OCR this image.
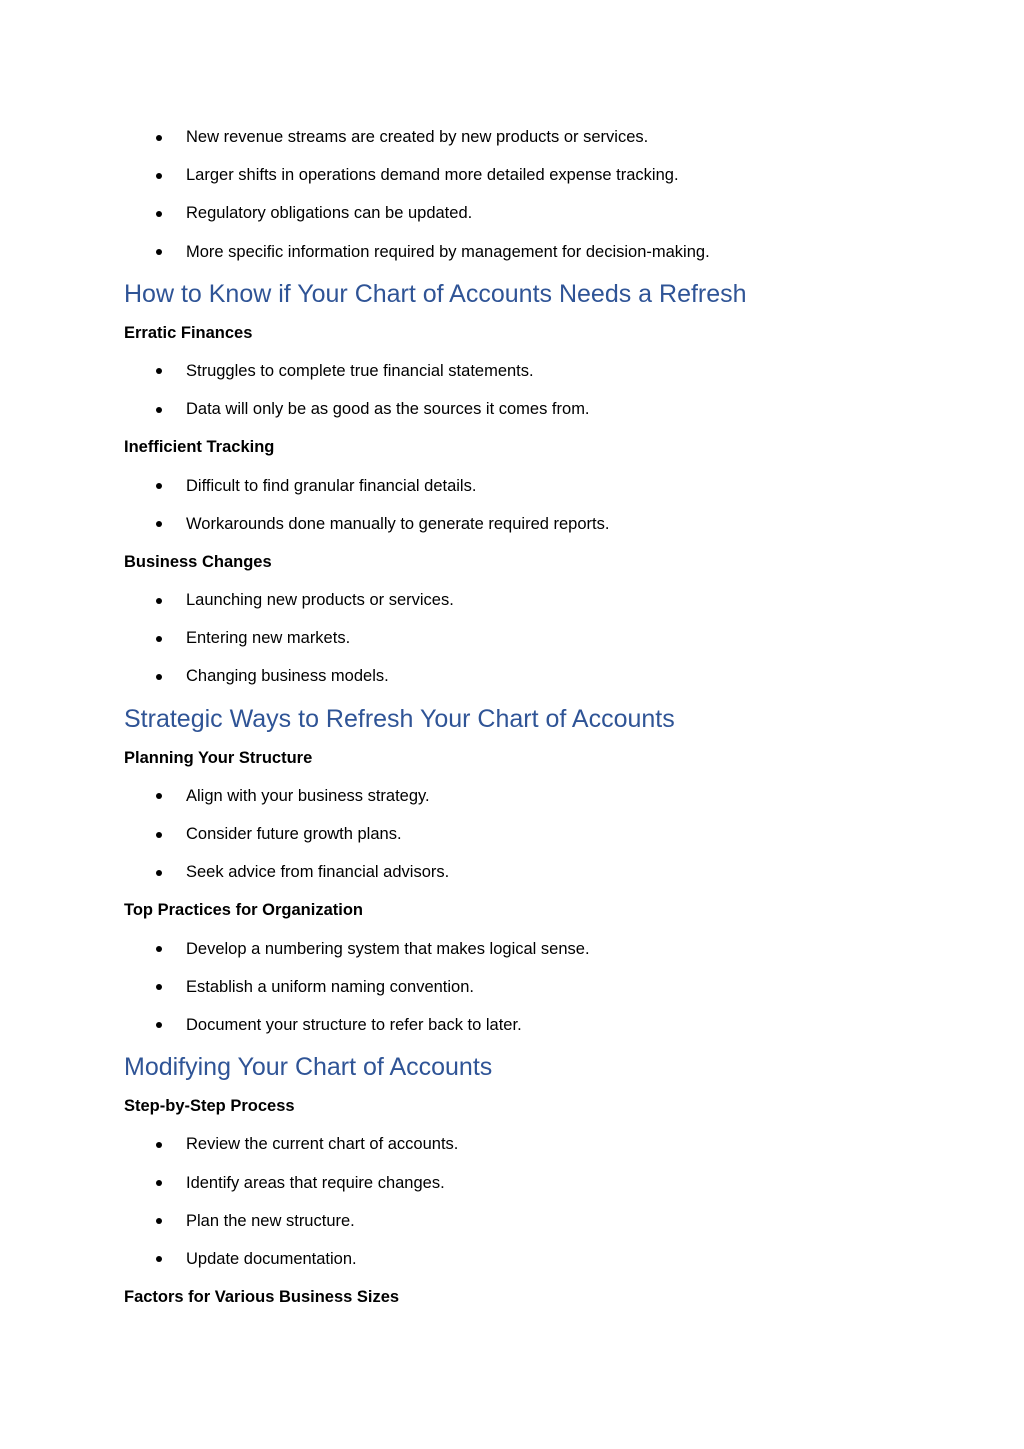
New revenue streams are created by new products or services.
Larger shifts in operations demand more detailed expense tracking.
Regulatory obligations can be updated.
More specific information required by management for decision-making.
How to Know if Your Chart of Accounts Needs a Refresh
Erratic Finances
Struggles to complete true financial statements.
Data will only be as good as the sources it comes from.
Inefficient Tracking
Difficult to find granular financial details.
Workarounds done manually to generate required reports.
Business Changes
Launching new products or services.
Entering new markets.
Changing business models.
Strategic Ways to Refresh Your Chart of Accounts
Planning Your Structure
Align with your business strategy.
Consider future growth plans.
Seek advice from financial advisors.
Top Practices for Organization
Develop a numbering system that makes logical sense.
Establish a uniform naming convention.
Document your structure to refer back to later.
Modifying Your Chart of Accounts
Step-by-Step Process
Review the current chart of accounts.
Identify areas that require changes.
Plan the new structure.
Update documentation.
Factors for Various Business Sizes
